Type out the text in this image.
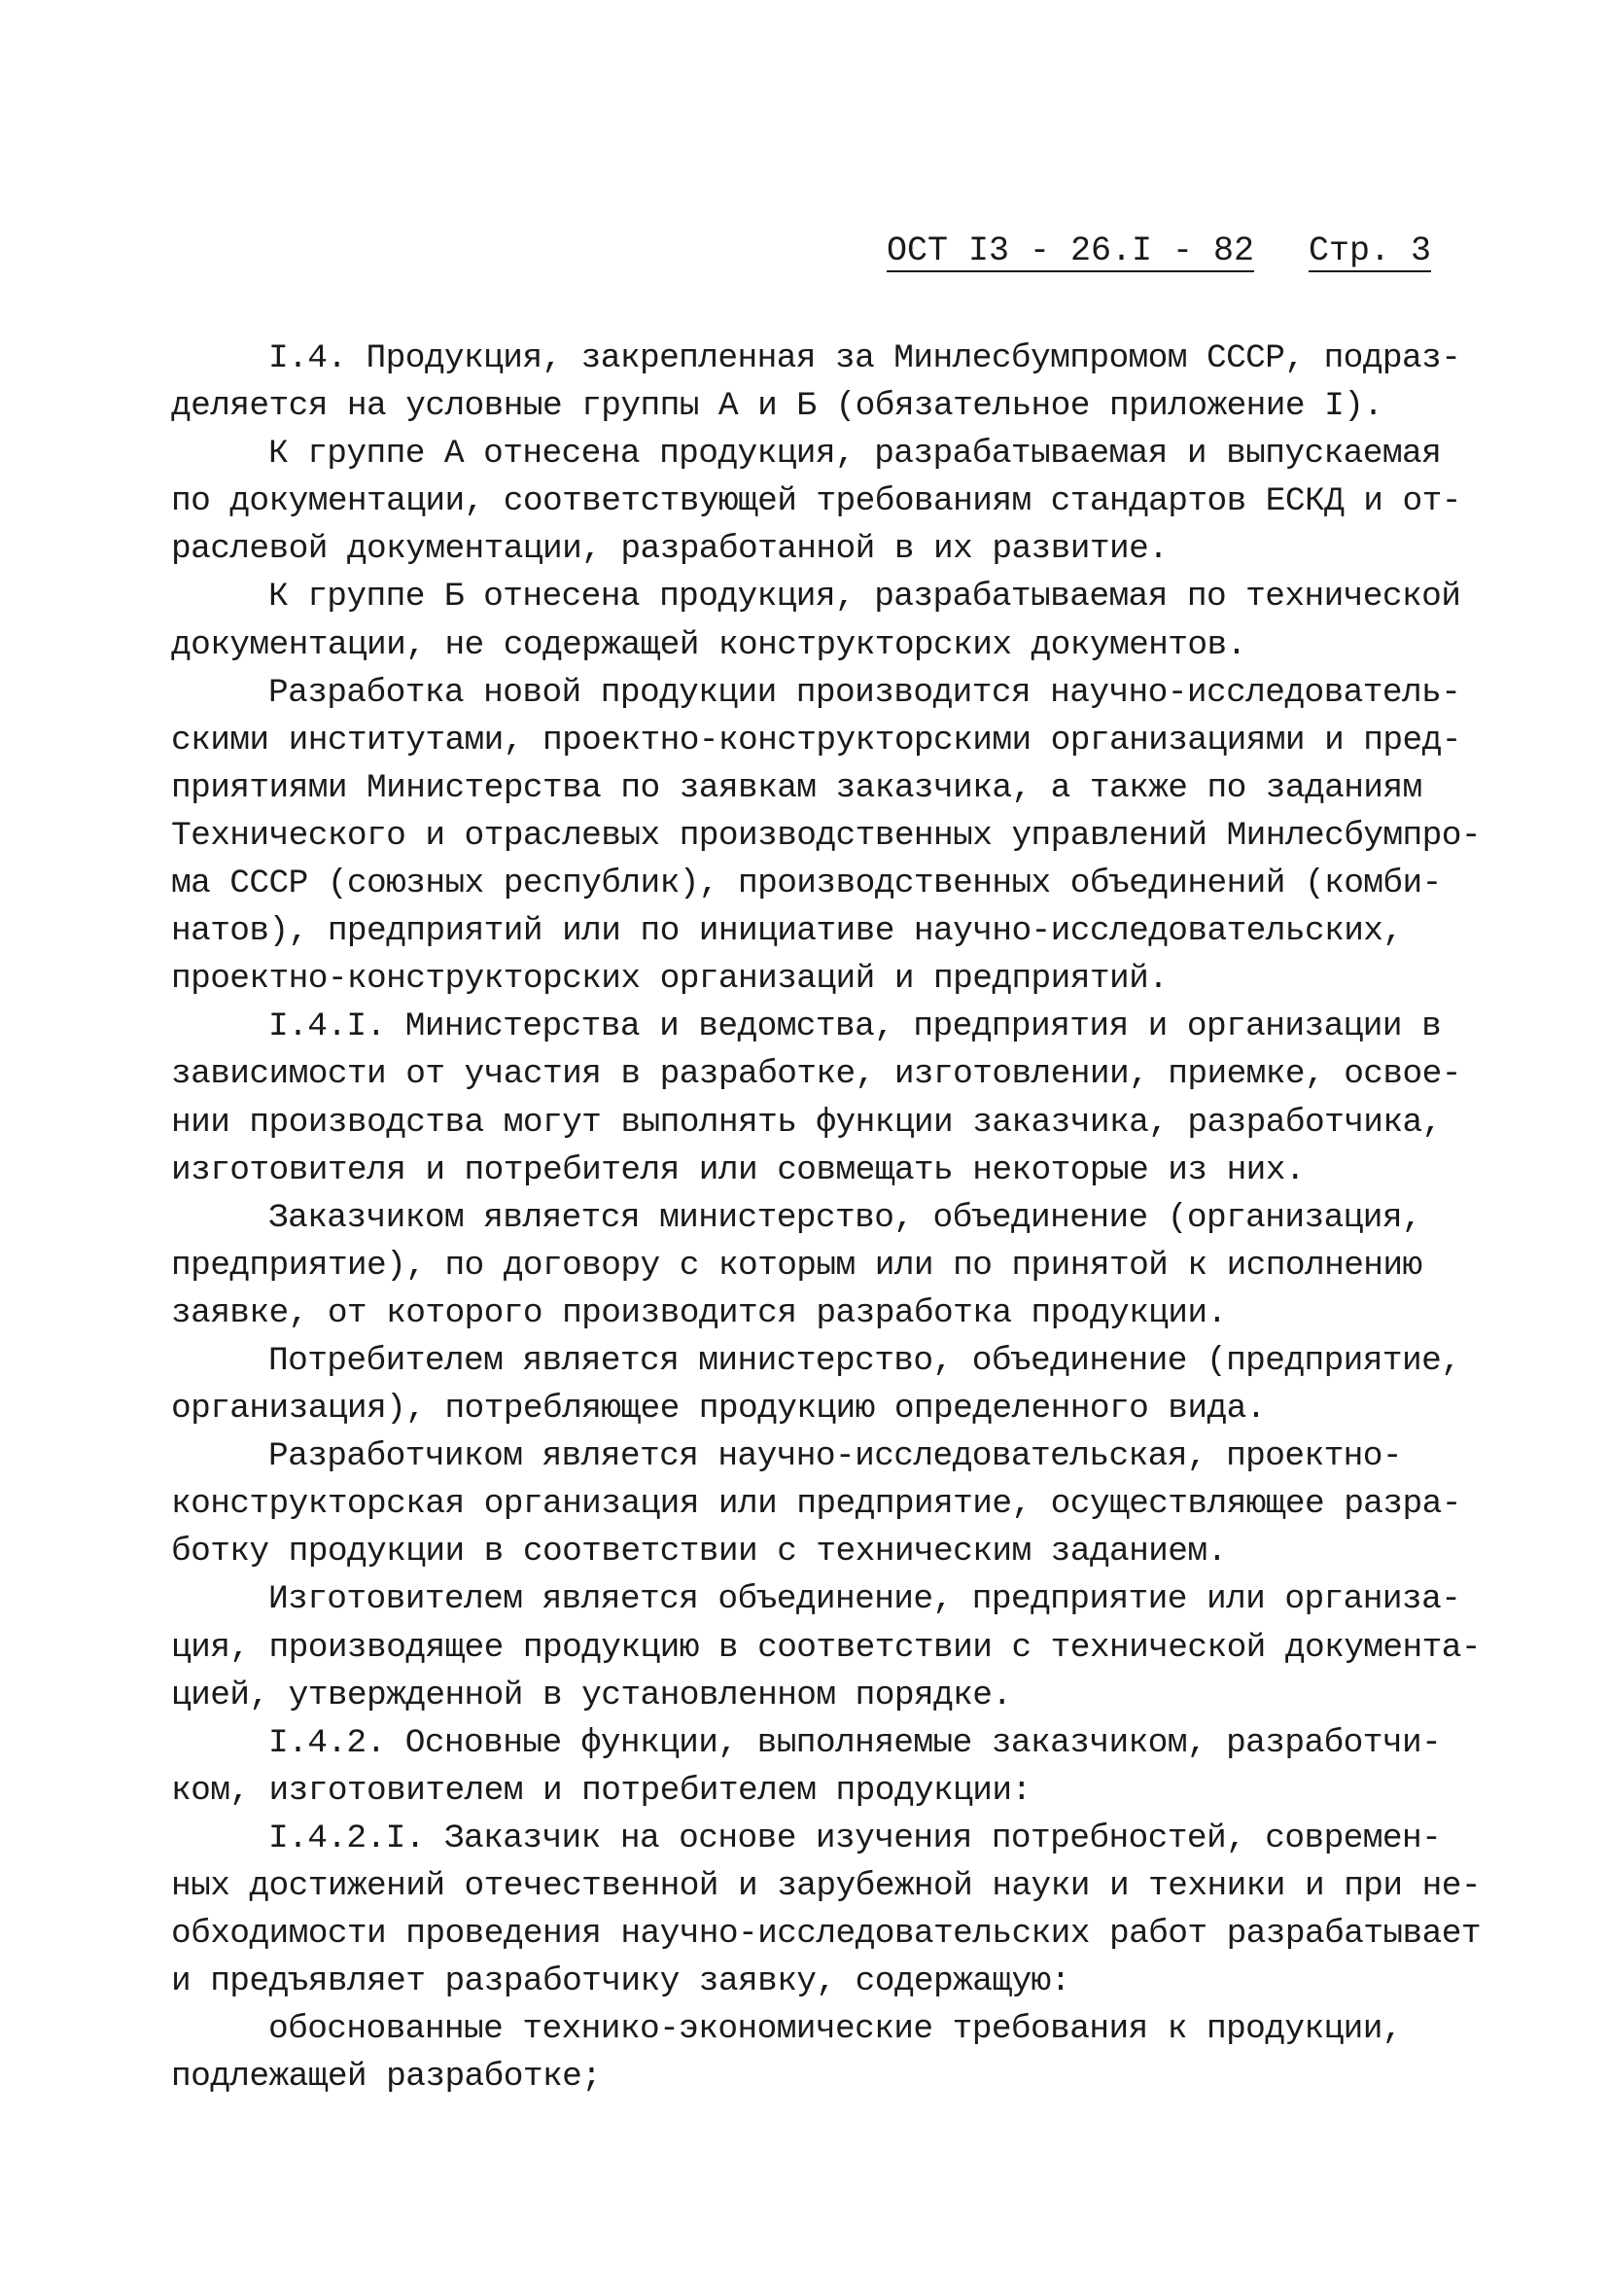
ОСТ I3 - 26.I - 82 Стр. 3
I.4. Продукция, закрепленная за Минлесбумпромом СССР, подраз-
деляется на условные группы А и Б (обязательное приложение I).
К группе А отнесена продукция, разрабатываемая и выпускаемая
по документации, соответствующей требованиям стандартов ЕСКД и от-
раслевой документации, разработанной в их развитие.
К группе Б отнесена продукция, разрабатываемая по технической
документации, не содержащей конструкторских документов.
Разработка новой продукции производится научно-исследователь-
скими институтами, проектно-конструкторскими организациями и пред-
приятиями Министерства по заявкам заказчика, а также по заданиям
Технического и отраслевых производственных управлений Минлесбумпро-
ма СССР (союзных республик), производственных объединений (комби-
натов), предприятий или по инициативе научно-исследовательских,
проектно-конструкторских организаций и предприятий.
I.4.I. Министерства и ведомства, предприятия и организации в
зависимости от участия в разработке, изготовлении, приемке, освое-
нии производства могут выполнять функции заказчика, разработчика,
изготовителя и потребителя или совмещать некоторые из них.
Заказчиком является министерство, объединение (организация,
предприятие), по договору с которым или по принятой к исполнению
заявке, от которого производится разработка продукции.
Потребителем является министерство, объединение (предприятие,
организация), потребляющее продукцию определенного вида.
Разработчиком является научно-исследовательская, проектно-
конструкторская организация или предприятие, осуществляющее разра-
ботку продукции в соответствии с техническим заданием.
Изготовителем является объединение, предприятие или организа-
ция, производящее продукцию в соответствии с технической документа-
цией, утвержденной в установленном порядке.
I.4.2. Основные функции, выполняемые заказчиком, разработчи-
ком, изготовителем и потребителем продукции:
I.4.2.I. Заказчик на основе изучения потребностей, современ-
ных достижений отечественной и зарубежной науки и техники и при не-
обходимости проведения научно-исследовательских работ разрабатывает
и предъявляет разработчику заявку, содержащую:
обоснованные технико-экономические требования к продукции,
подлежащей разработке;
